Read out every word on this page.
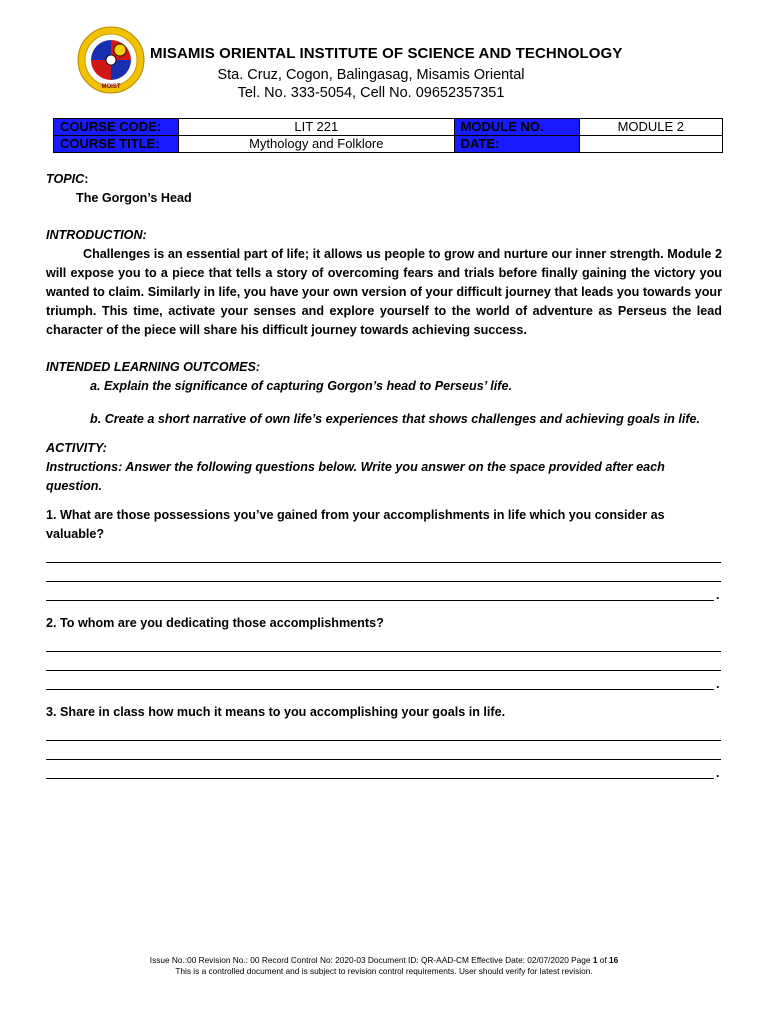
MOIST
MISAMIS ORIENTAL INSTITUTE OF SCIENCE AND TECHNOLOGY
Sta. Cruz, Cogon, Balingasag, Misamis Oriental
Tel. No. 333-5054, Cell No. 09652357351
COURSE CODE:	LIT 221	MODULE NO.	MODULE 2
COURSE TITLE:	Mythology and Folklore	DATE:	
TOPIC:
The Gorgon’s Head
INTRODUCTION:
Challenges is an essential part of life; it allows us people to grow and nurture our inner strength. Module 2 will expose you to a piece that tells a story of overcoming fears and trials before finally gaining the victory you wanted to claim. Similarly in life, you have your own version of your difficult journey that leads you towards your triumph. This time, activate your senses and explore yourself to the world of adventure as Perseus the lead character of the piece will share his difficult journey towards achieving success.
INTENDED LEARNING OUTCOMES:
a. Explain the significance of capturing Gorgon’s head to Perseus’ life.
b. Create a short narrative of own life’s experiences that shows challenges and achieving goals in life.
ACTIVITY:
Instructions: Answer the following questions below. Write you answer on the space provided after each question.
1. What are those possessions you’ve gained from your accomplishments in life which you consider as valuable?
.
2. To whom are you dedicating those accomplishments?
.
3. Share in class how much it means to you accomplishing your goals in life.
.
Issue No.:00 Revision No.: 00 Record Control No: 2020-03 Document ID: QR-AAD-CM Effective Date: 02/07/2020 Page 1 of 16
This is a controlled document and is subject to revision control requirements. User should verify for latest revision.
